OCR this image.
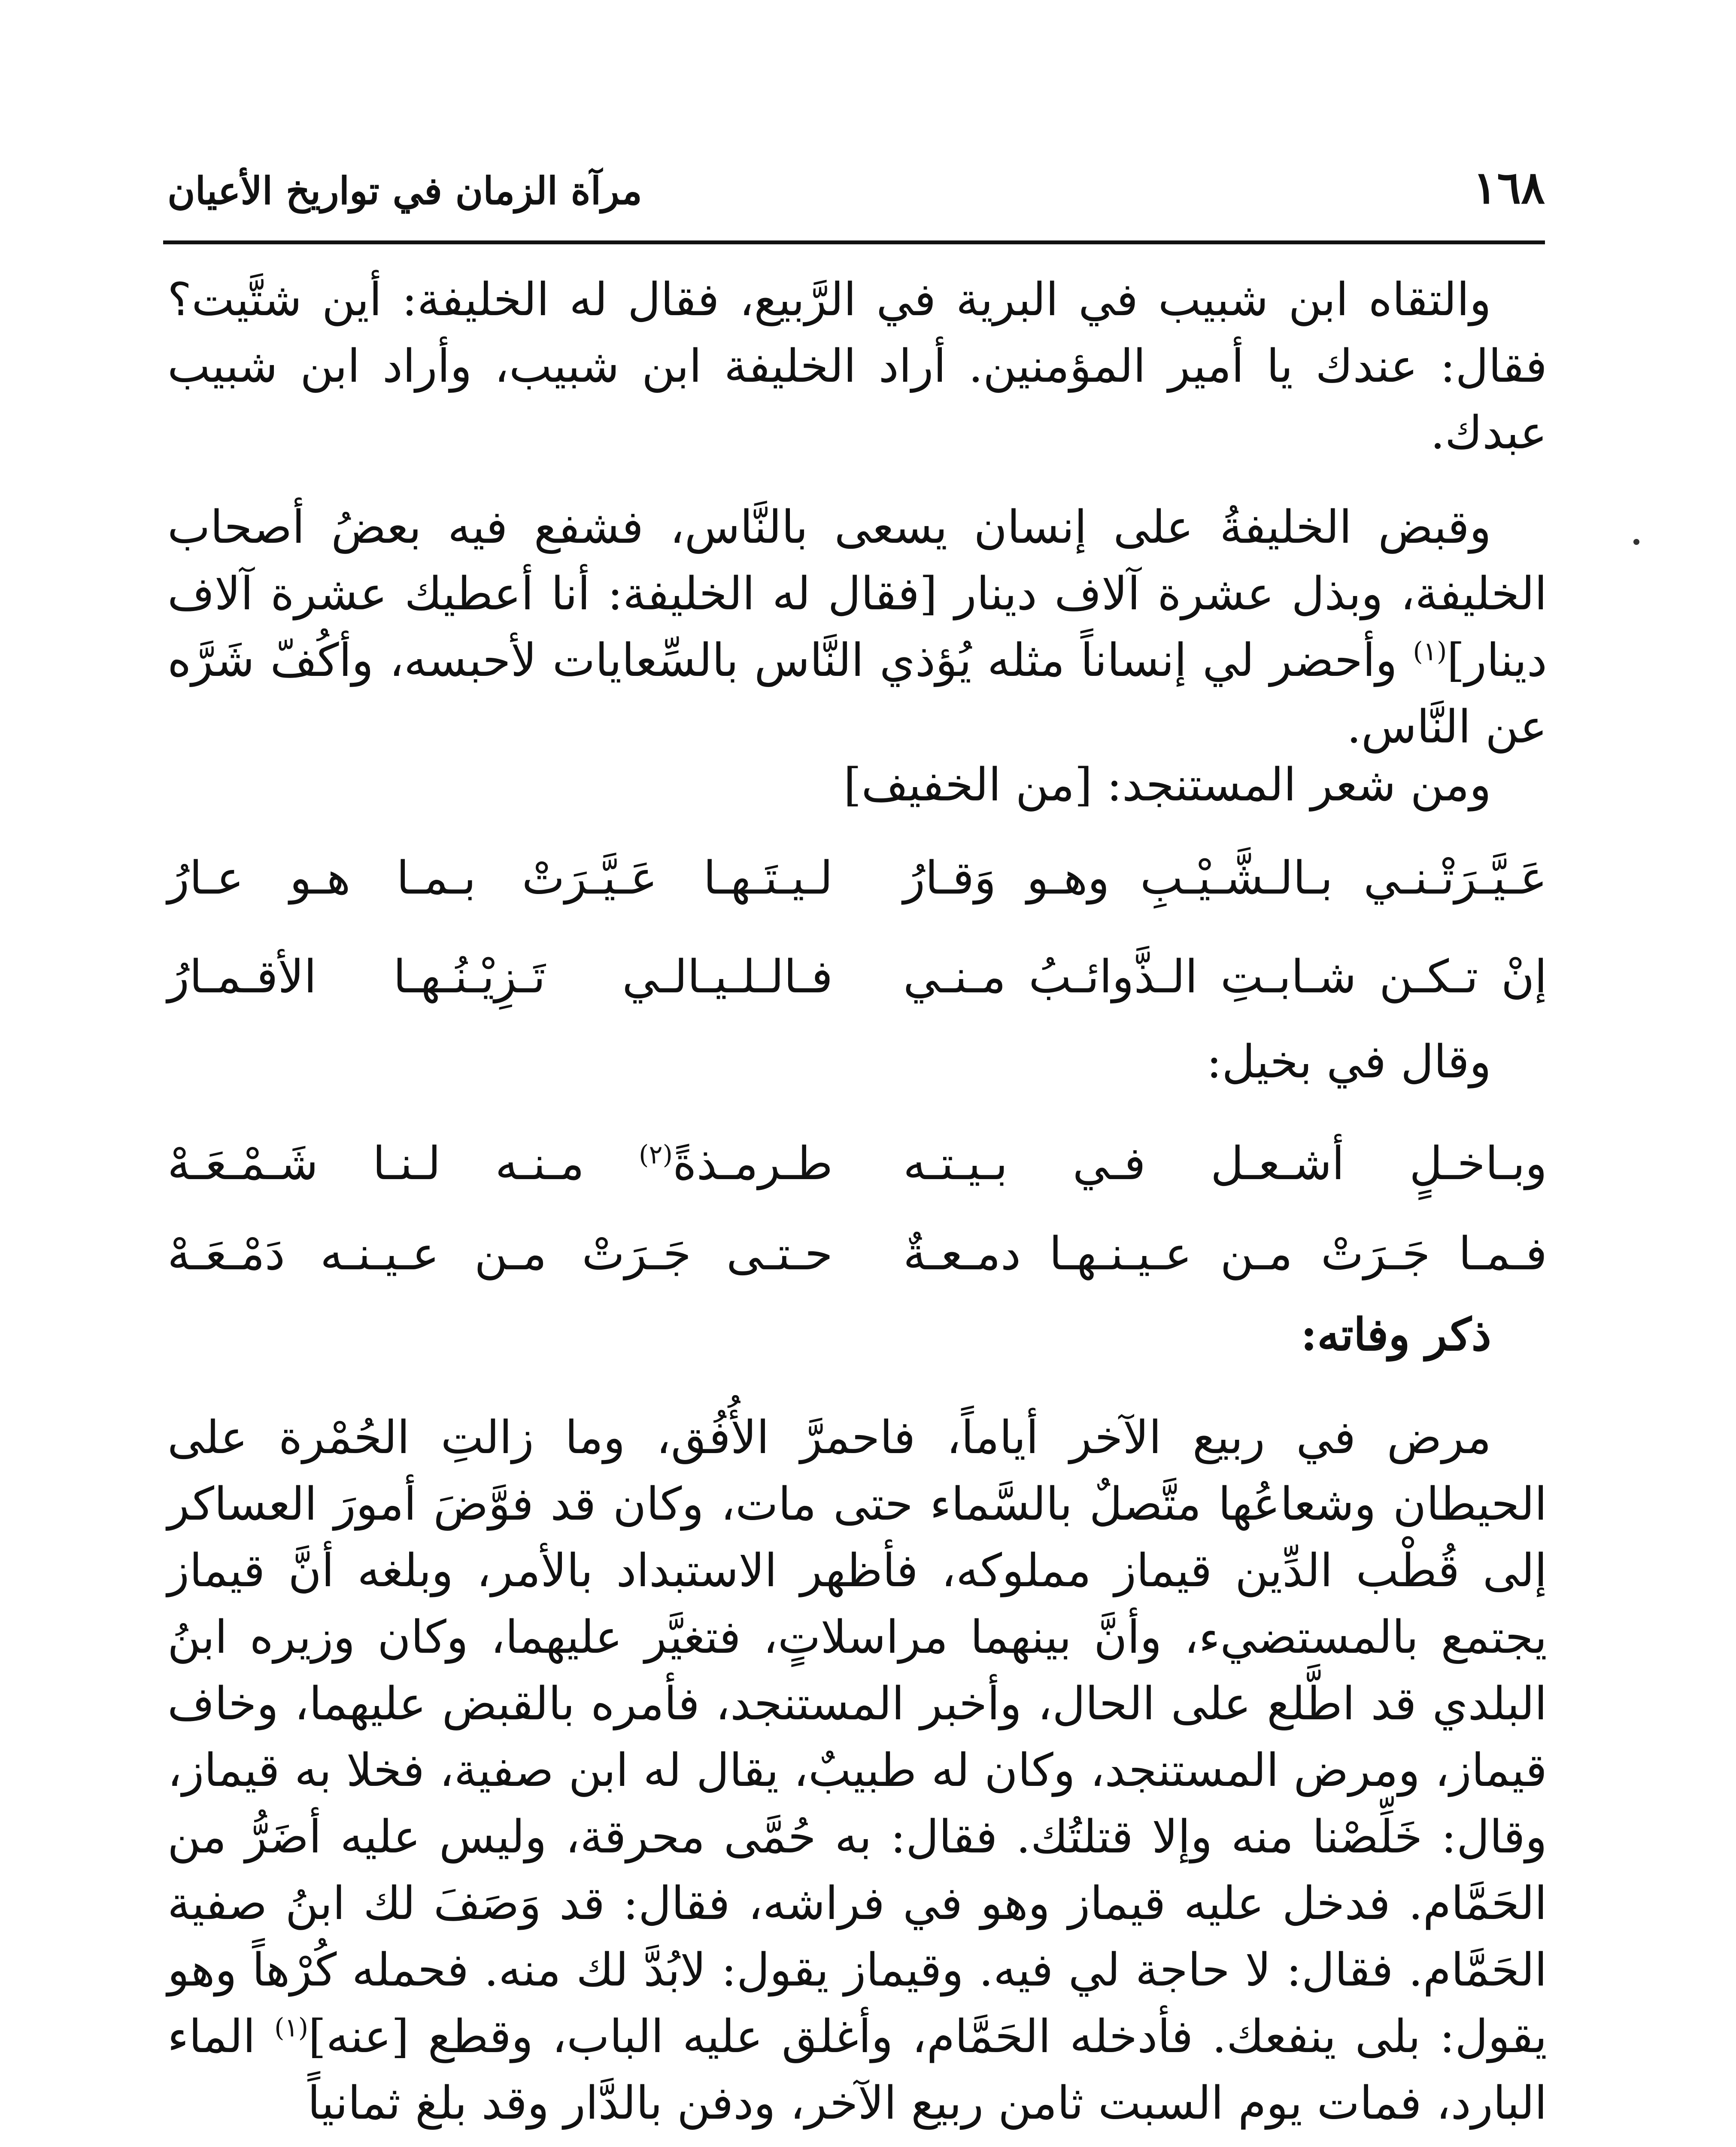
١٦٨
مرآة الزمان في تواريخ الأعيان

والتقاه ابن شبيب في البرية في الرَّبيع، فقال له الخليفة: أين شتَّيت؟ فقال: عندك يا أمير المؤمنين. أراد الخليفة ابن شبيب، وأراد ابن شبيب عبدك.

وقبض الخليفةُ على إنسان يسعى بالنَّاس، فشفع فيه بعضُ أصحاب الخليفة، وبذل عشرة آلاف دينار [فقال له الخليفة: أنا أعطيك عشرة آلاف دينار]$^{(١)}$ وأحضر لي إنساناً مثله يُؤذي النَّاس بالسِّعايات لأحبسه، وأكُفّ شَرَّه عن النَّاس.

ومن شعر المستنجد: [من الخفيف]

عَـيَّـرَتْـنـي بـالـشَّـيْـبِ وهـو وَقـارُ
لـيـتَـهـا عَـيَّـرَتْ بـمـا هـو عـارُ
إنْ تـكـن شـابـتِ الـذَّوائـبُ مـنـي
فـالـلـيـالـي تَـزِيْـنُـهـا الأقـمـارُ

وقال في بخيل:

وبـاخـلٍ أشـعـل فـي بـيـتـه
طـرمـذةً$^{(٢)}$ مـنـه لـنـا شَـمْـعَـهْ
فـمـا جَـرَتْ مـن عـيـنـهـا دمـعـةٌ
حـتـى جَـرَتْ مـن عـيـنـه دَمْـعَـهْ

ذكر وفاته:

مرض في ربيع الآخر أياماً، فاحمرَّ الأُفُق، وما زالتِ الحُمْرة على الحيطان وشعاعُها متَّصلٌ بالسَّماء حتى مات، وكان قد فوَّضَ أمورَ العساكر إلى قُطْب الدِّين قيماز مملوكه، فأظهر الاستبداد بالأمر، وبلغه أنَّ قيماز يجتمع بالمستضيء، وأنَّ بينهما مراسلاتٍ، فتغيَّر عليهما، وكان وزيره ابنُ البلدي قد اطَّلع على الحال، وأخبر المستنجد، فأمره بالقبض عليهما، وخاف قيماز، ومرض المستنجد، وكان له طبيبٌ، يقال له ابن صفية، فخلا به قيماز، وقال: خَلِّصْنا منه وإلا قتلتُك. فقال: به حُمَّى محرقة، وليس عليه أضَرُّ من الحَمَّام. فدخل عليه قيماز وهو في فراشه، فقال: قد وَصَفَ لك ابنُ صفية الحَمَّام. فقال: لا حاجة لي فيه. وقيماز يقول: لابُدَّ لك منه. فحمله كُرْهاً وهو يقول: بلى ينفعك. فأدخله الحَمَّام، وأغلق عليه الباب، وقطع [عنه]$^{(١)}$ الماء البارد، فمات يوم السبت ثامن ربيع الآخر، ودفن بالدَّار وقد بلغ ثمانياً
